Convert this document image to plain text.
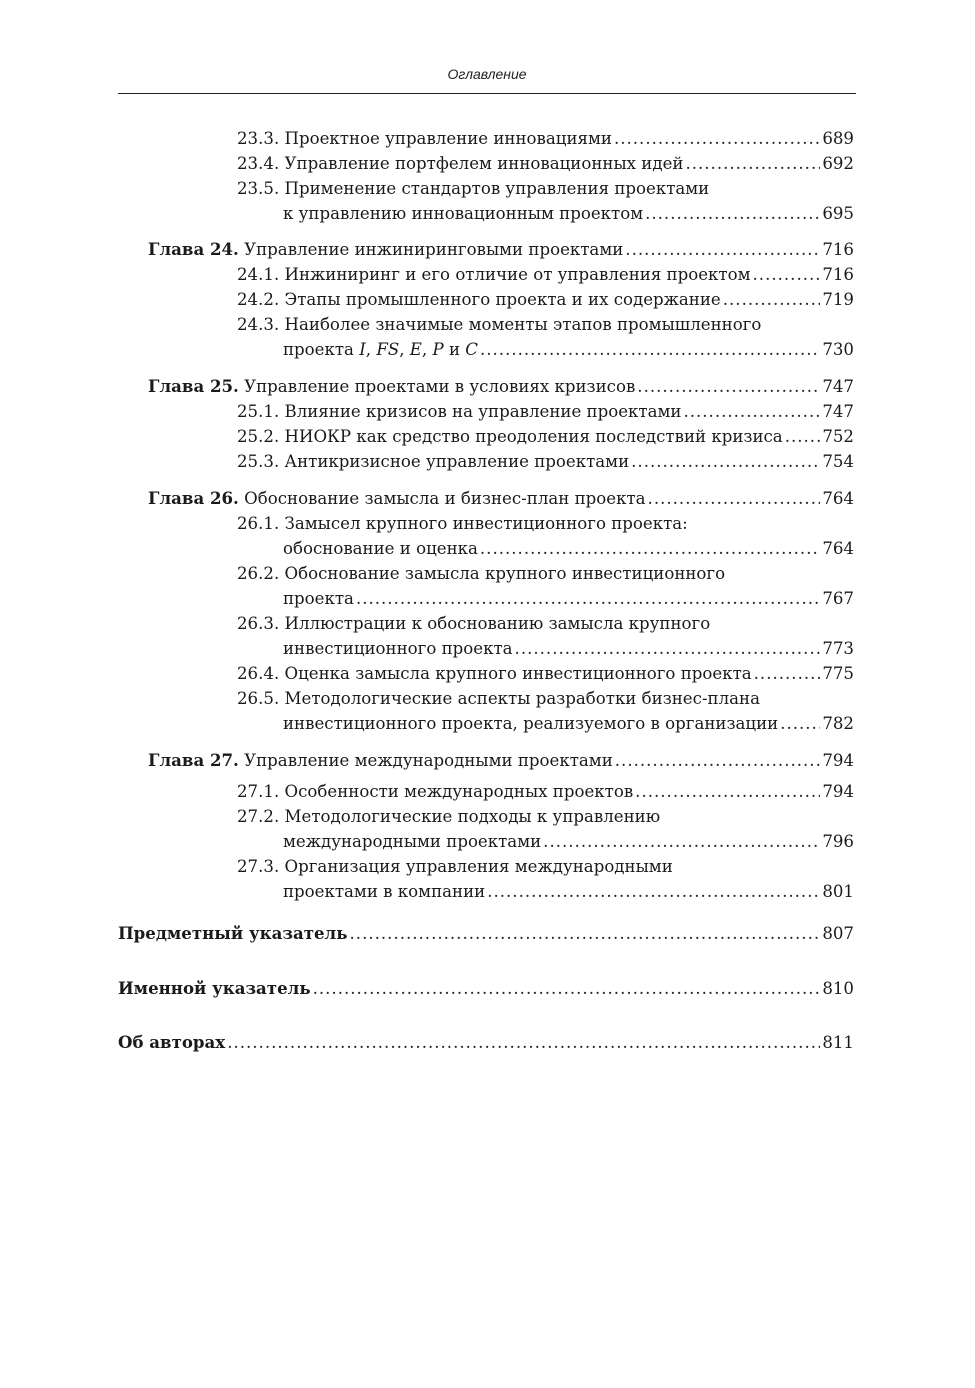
Оглавление
23.3. Проектное управление инновациями .....	689
23.4. Управление портфелем инновационных идей .....	692
23.5. Применение стандартов управления проектами
к управлению инновационным проектом .....	695
Глава 24. Управление инжиниринговыми проектами .....	716
24.1. Инжиниринг и его отличие от управления проектом .....	716
24.2. Этапы промышленного проекта и их содержание .....	719
24.3. Наиболее значимые моменты этапов промышленного
проекта I, FS, E, P и C .....	730
Глава 25. Управление проектами в условиях кризисов .....	747
25.1. Влияние кризисов на управление проектами .....	747
25.2. НИОКР как средство преодоления последствий кризиса ..... 752
25.3. Антикризисное управление проектами .....	754
Глава 26. Обоснование замысла и бизнес-план проекта .....	764
26.1. Замысел крупного инвестиционного проекта:
обоснование и оценка .....	764
26.2. Обоснование замысла крупного инвестиционного
проекта .....	767
26.3. Иллюстрации к обоснованию замысла крупного
инвестиционного проекта .....	773
26.4. Оценка замысла крупного инвестиционного проекта .....	775
26.5. Методологические аспекты разработки бизнес-плана
инвестиционного проекта, реализуемого в организации .....	782
Глава 27. Управление международными проектами .....	794
27.1. Особенности международных проектов .....	794
27.2. Методологические подходы к управлению
международными проектами .....	796
27.3. Организация управления международными
проектами в компании .....	801
Предметный указатель .....	807
Именной указатель .....	810
Об авторах .....	811
